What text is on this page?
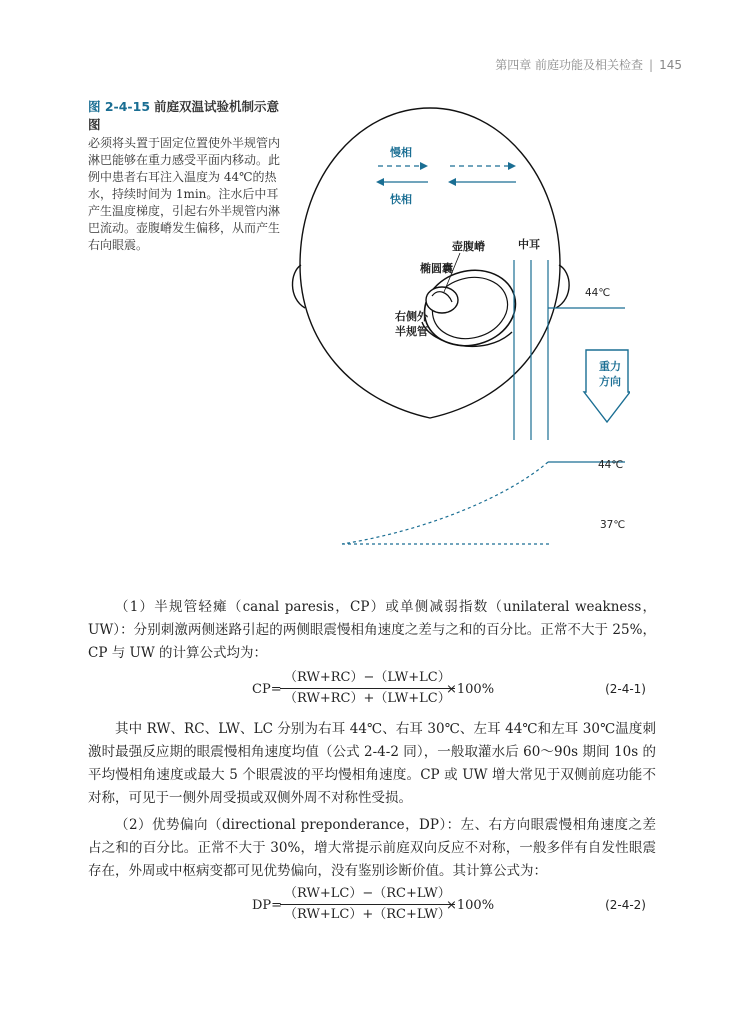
第四章 前庭功能及相关检查 | 145
图 2-4-15 前庭双温试验机制示意图
必须将头置于固定位置使外半规管内淋巴能够在重力感受平面内移动。此例中患者右耳注入温度为 44℃的热水，持续时间为 1min。注水后中耳产生温度梯度，引起右外半规管内淋巴流动。壶腹嵴发生偏移，从而产生右向眼震。
慢相
快相
壶腹嵴
椭圆囊
右侧外
半规管
中耳
44℃
重力
方向
44℃
37℃

（1）半规管轻瘫（canal paresis，CP）或单侧减弱指数（unilateral weakness，UW）：分别刺激两侧迷路引起的两侧眼震慢相角速度之差与之和的百分比。正常不大于 25%，CP 与 UW 的计算公式均为：

CP=
$\frac{(RW+RC)-(LW+LC)}{(RW+RC)+(LW+LC)}$
×100%	(2-4-1)

其中 RW、RC、LW、LC 分别为右耳 44℃、右耳 30℃、左耳 44℃和左耳 30℃温度刺激时最强反应期的眼震慢相角速度均值（公式 2-4-2 同），一般取灌水后 60～90s 期间 10s 的平均慢相角速度或最大 5 个眼震波的平均慢相角速度。CP 或 UW 增大常见于双侧前庭功能不对称，可见于一侧外周受损或双侧外周不对称性受损。

（2）优势偏向（directional preponderance，DP）：左、右方向眼震慢相角速度之差占之和的百分比。正常不大于 30%，增大常提示前庭双向反应不对称，一般多伴有自发性眼震存在，外周或中枢病变都可见优势偏向，没有鉴别诊断价值。其计算公式为：

DP=
$\frac{(RW+LC)-(RC+LW)}{(RW+LC)+(RC+LW)}$
×100%	(2-4-2)
